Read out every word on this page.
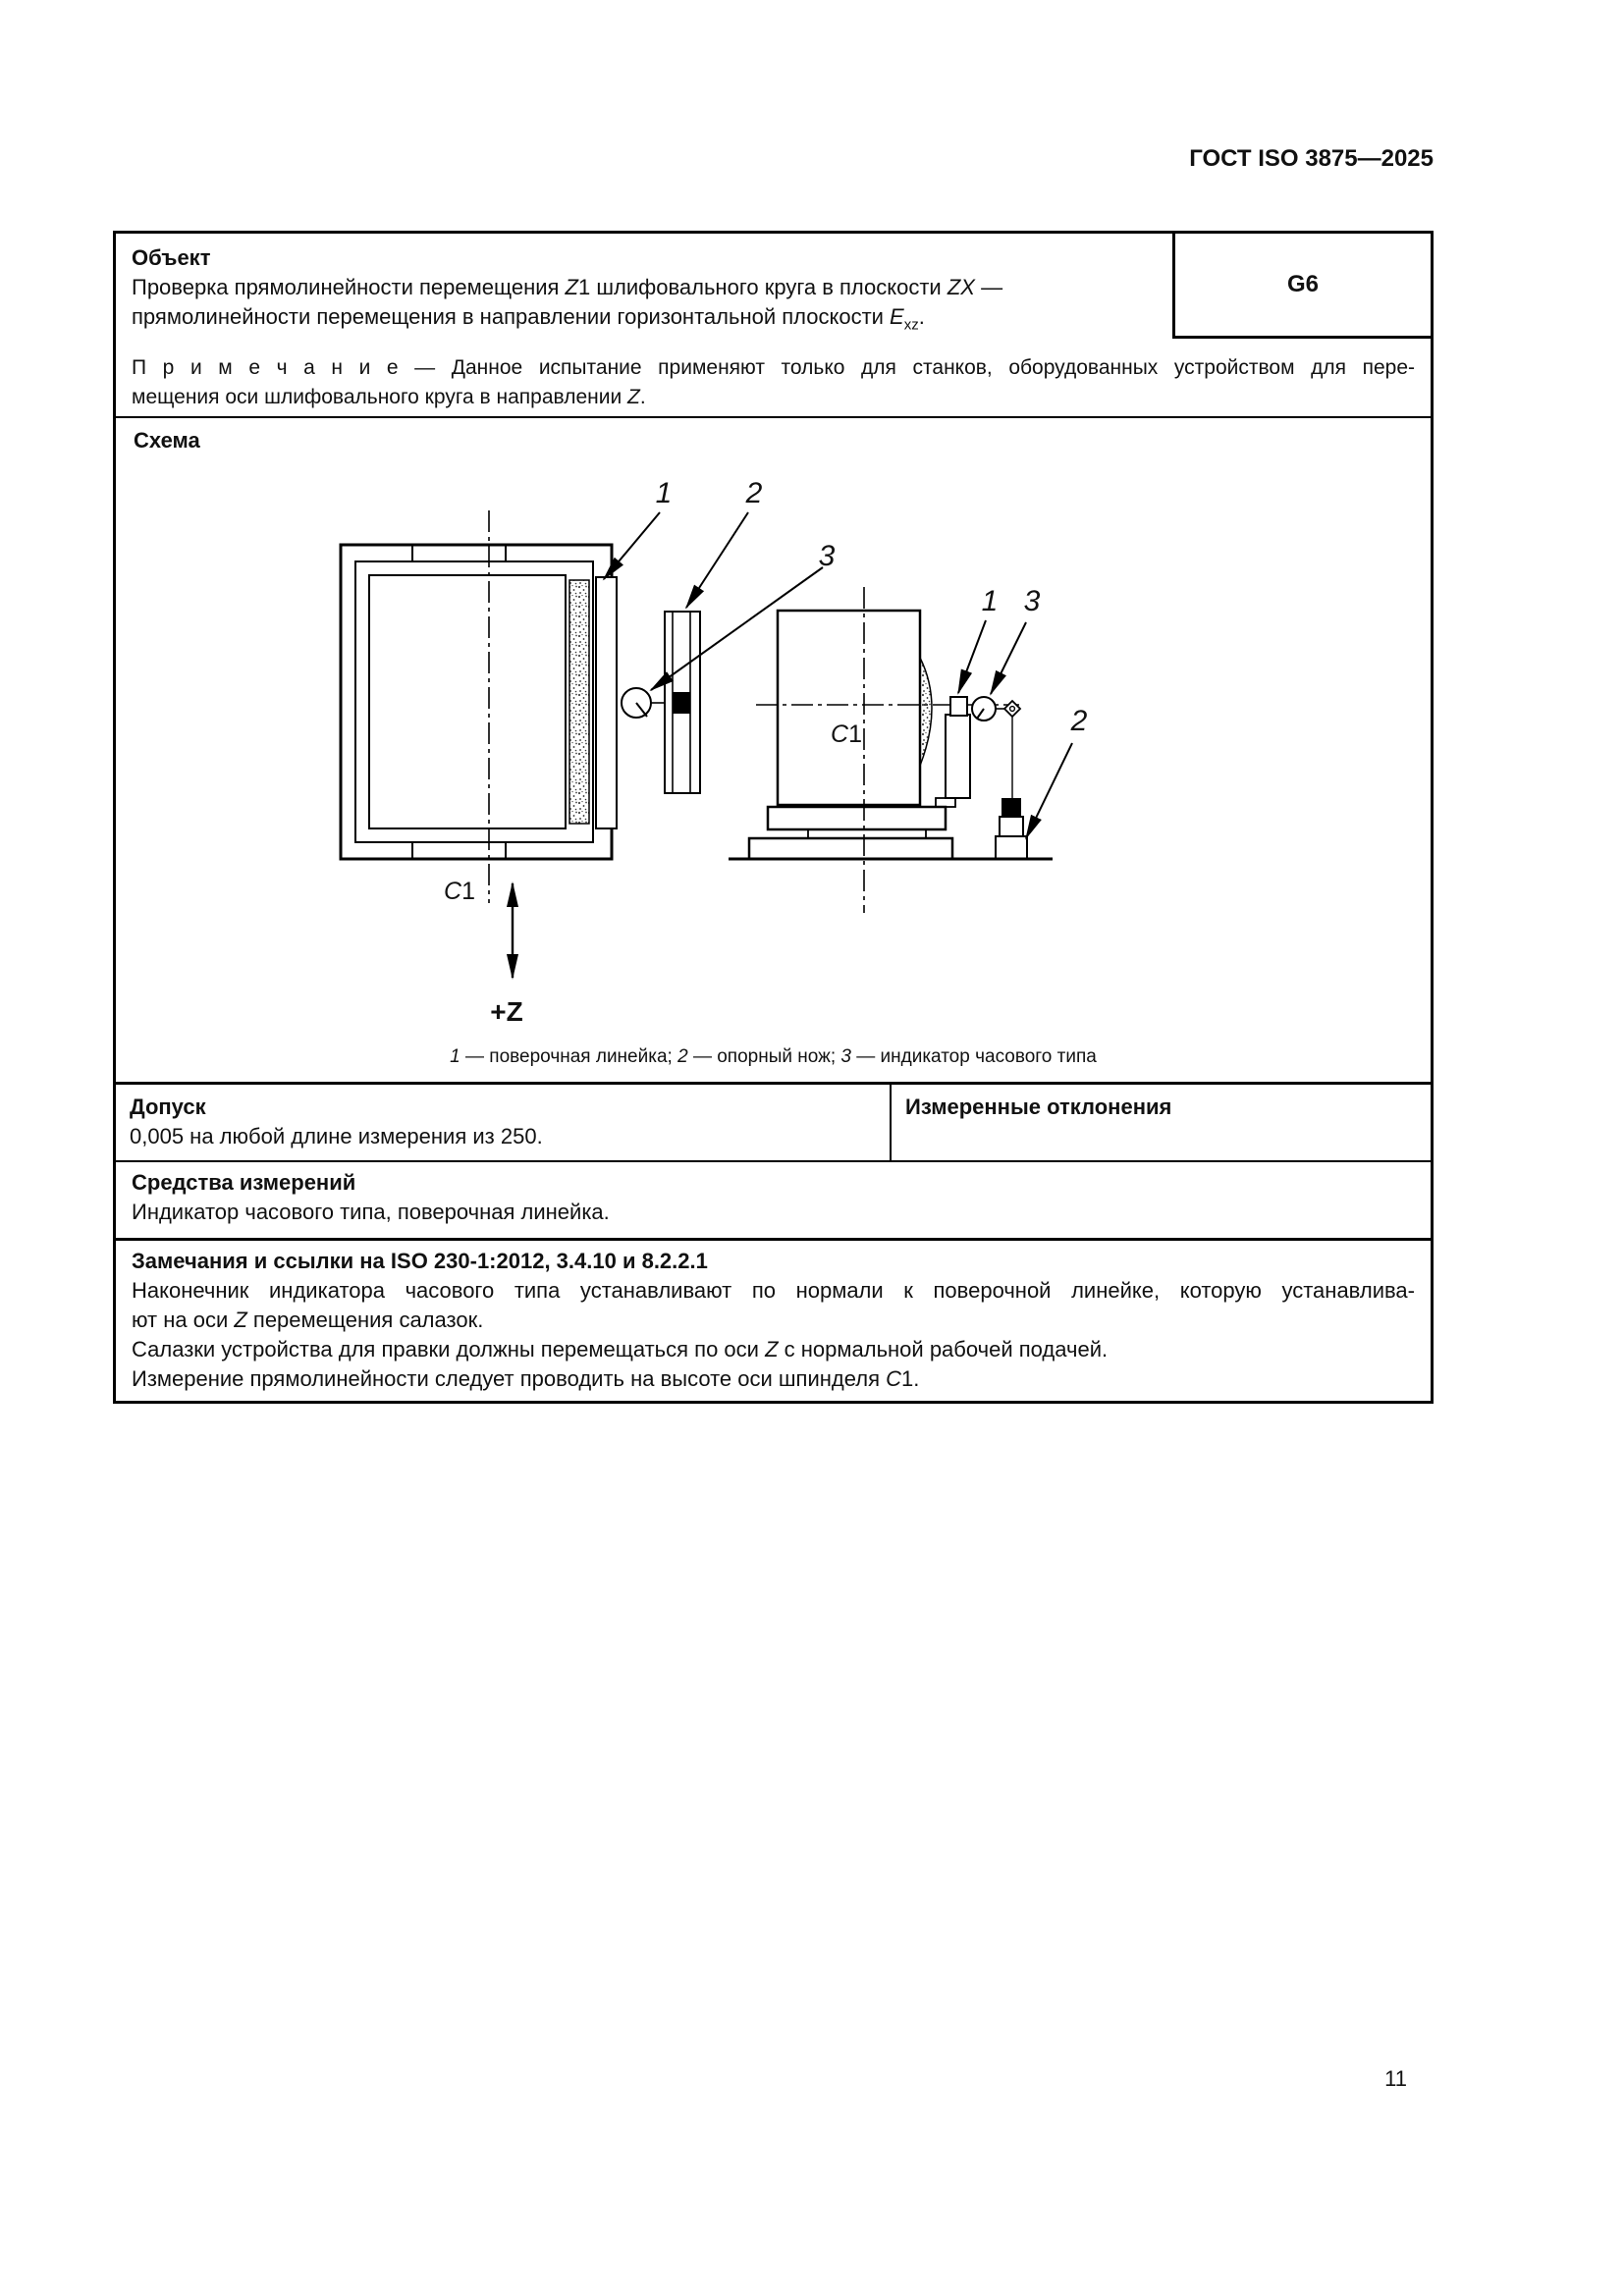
ГОСТ ISO 3875—2025
G6
Объект
Проверка прямолинейности перемещения Z1 шлифовального круга в плоскости ZX —
прямолинейности перемещения в направлении горизонтальной плоскости $E_{xz}$.
П р и м е ч а н и е — Данное испытание применяют только для станков, оборудованных устройством для пере-
мещения оси шлифовального круга в направлении Z.
1	2
3
1 3
2
C1
C1
+Z
Схема
1 — поверочная линейка; 2 — опорный нож; 3 — индикатор часового типа
Допуск
0,005 на любой длине измерения из 250.
Измеренные отклонения
Средства измерений
Индикатор часового типа, поверочная линейка.
Замечания и ссылки на ISO 230-1:2012, 3.4.10 и 8.2.2.1
Наконечник индикатора часового типа устанавливают по нормали к поверочной линейке, которую устанавлива-
ют на оси Z перемещения салазок.
Салазки устройства для правки должны перемещаться по оси Z с нормальной рабочей подачей.
Измерение прямолинейности следует проводить на высоте оси шпинделя C1.
11
